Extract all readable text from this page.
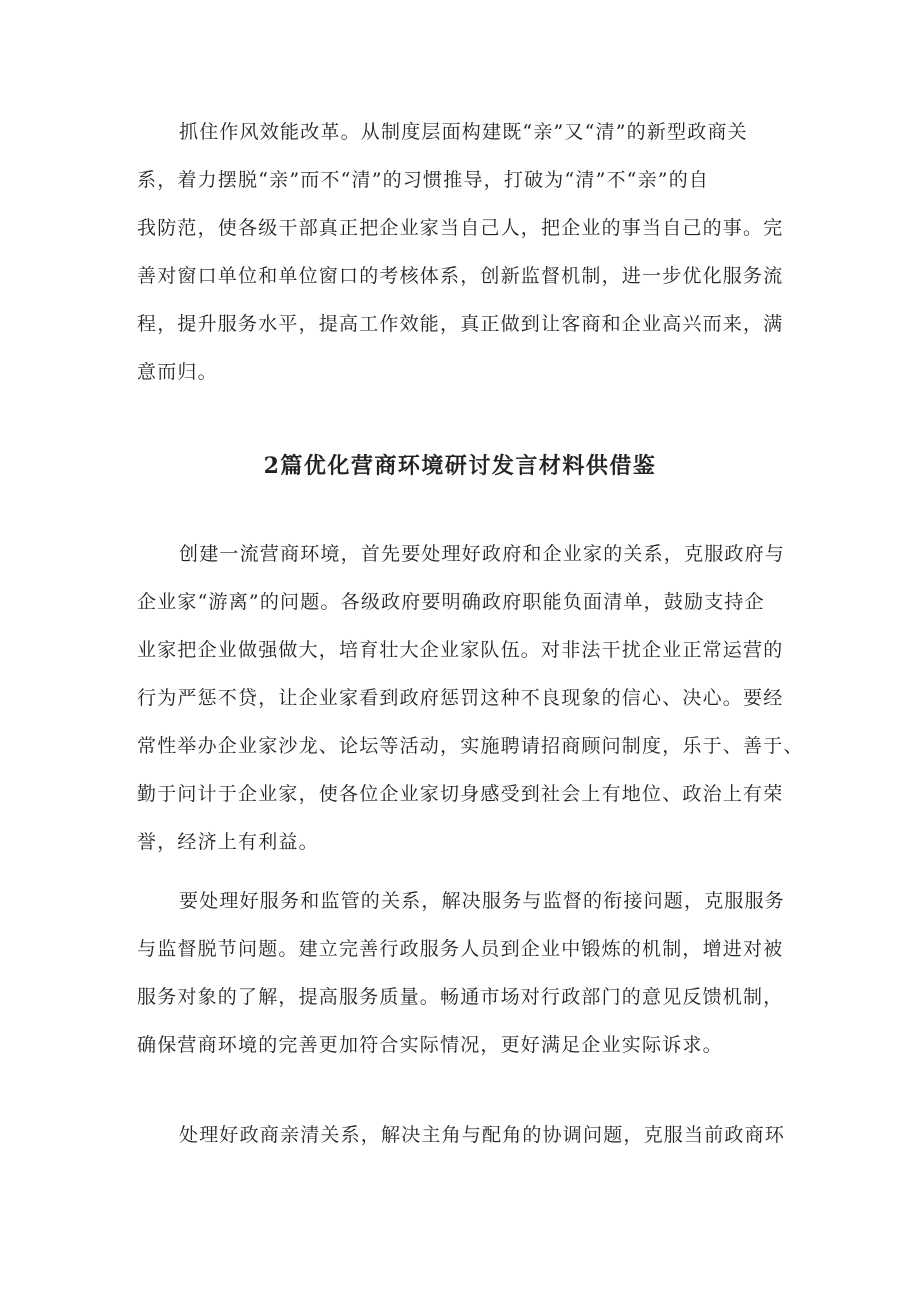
抓住作风效能改革。从制度层面构建既“亲”又“清”的新型政商关

系，着力摆脱“亲”而不“清”的习惯推导，打破为“清”不“亲”的自

我防范，使各级干部真正把企业家当自己人，把企业的事当自己的事。完

善对窗口单位和单位窗口的考核体系，创新监督机制，进一步优化服务流

程，提升服务水平，提高工作效能，真正做到让客商和企业高兴而来，满

意而归。

2篇优化营商环境研讨发言材料供借鉴

创建一流营商环境，首先要处理好政府和企业家的关系，克服政府与

企业家“游离”的问题。各级政府要明确政府职能负面清单，鼓励支持企

业家把企业做强做大，培育壮大企业家队伍。对非法干扰企业正常运营的

行为严惩不贷，让企业家看到政府惩罚这种不良现象的信心、决心。要经

常性举办企业家沙龙、论坛等活动，实施聘请招商顾问制度，乐于、善于、

勤于问计于企业家，使各位企业家切身感受到社会上有地位、政治上有荣

誉，经济上有利益。

要处理好服务和监管的关系，解决服务与监督的衔接问题，克服服务

与监督脱节问题。建立完善行政服务人员到企业中锻炼的机制，增进对被

服务对象的了解，提高服务质量。畅通市场对行政部门的意见反馈机制，

确保营商环境的完善更加符合实际情况，更好满足企业实际诉求。

处理好政商亲清关系，解决主角与配角的协调问题，克服当前政商环
